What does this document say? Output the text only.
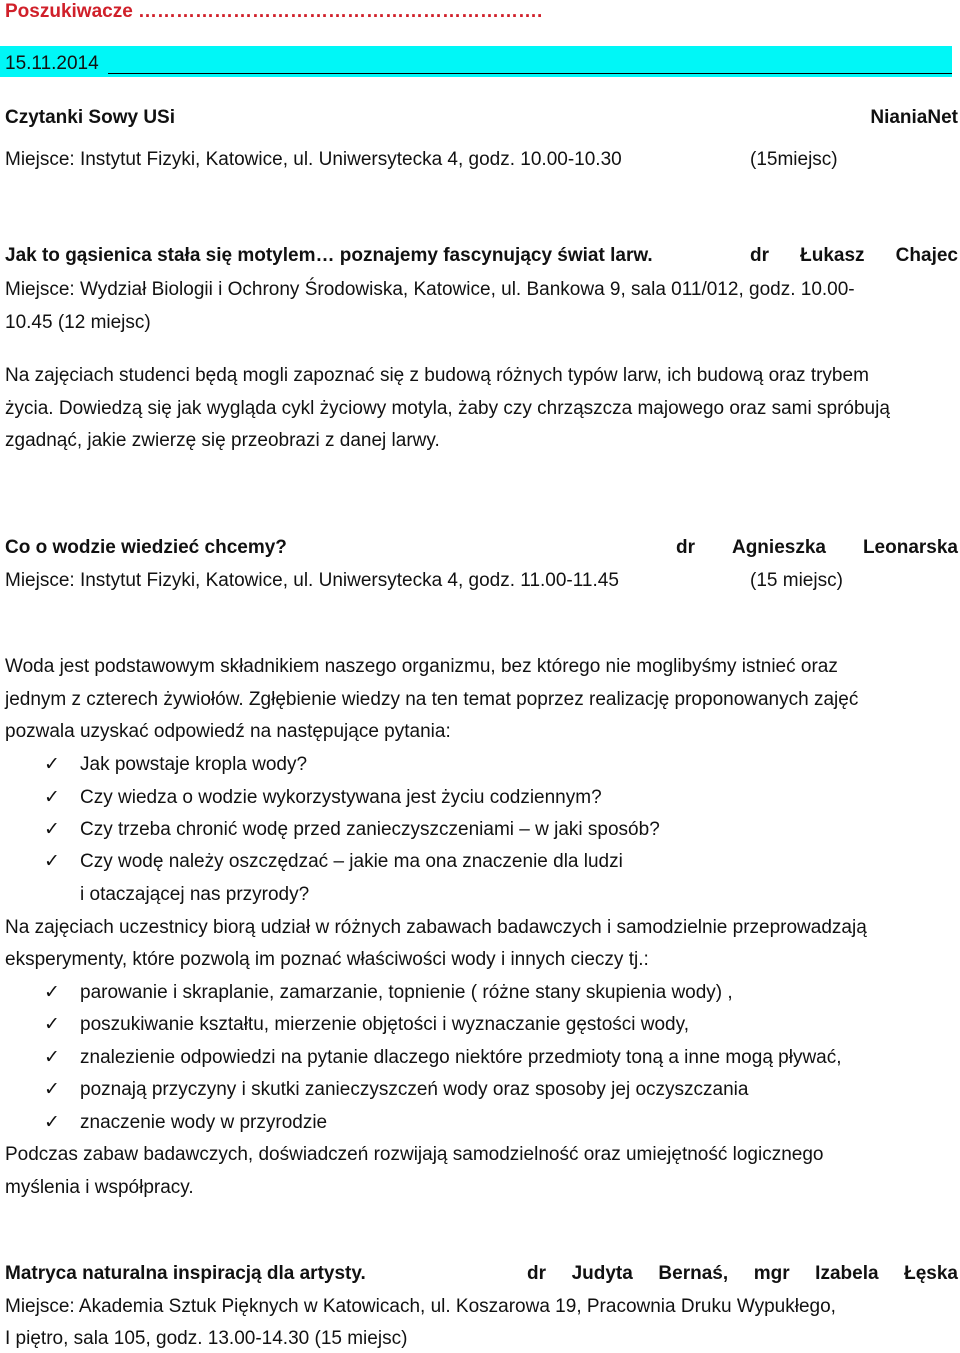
Poszukiwacze ……………………………………………………….
15.11.2014
Czytanki Sowy USi	NianiaNet
Miejsce: Instytut Fizyki, Katowice, ul. Uniwersytecka 4, godz. 10.00-10.30	(15miejsc)
Jak to gąsienica stała się motylem… poznajemy fascynujący świat larw.	dr Łukasz Chajec
Miejsce: Wydział Biologii i Ochrony Środowiska, Katowice, ul. Bankowa 9, sala 011/012, godz. 10.00-
10.45 (12 miejsc)
Na zajęciach studenci będą mogli zapoznać się z budową różnych typów larw, ich budową oraz trybem
życia. Dowiedzą się jak wygląda cykl życiowy motyla, żaby czy chrząszcza majowego oraz sami spróbują
zgadnąć, jakie zwierzę się przeobrazi z danej larwy.
Co o wodzie wiedzieć chcemy?	dr Agnieszka Leonarska
Miejsce: Instytut Fizyki, Katowice, ul. Uniwersytecka 4, godz. 11.00-11.45	(15 miejsc)
Woda jest podstawowym składnikiem naszego organizmu, bez którego nie moglibyśmy istnieć oraz
jednym z czterech żywiołów. Zgłębienie wiedzy na ten temat poprzez realizację proponowanych zajęć
pozwala uzyskać odpowiedź na następujące pytania:
✓ Jak powstaje kropla wody?
✓ Czy wiedza o wodzie wykorzystywana jest życiu codziennym?
✓ Czy trzeba chronić wodę przed zanieczyszczeniami – w jaki sposób?
✓ Czy wodę należy oszczędzać – jakie ma ona znaczenie dla ludzi
i otaczającej nas przyrody?
Na zajęciach uczestnicy biorą udział w różnych zabawach badawczych i samodzielnie przeprowadzają
eksperymenty, które pozwolą im poznać właściwości wody i innych cieczy tj.:
✓ parowanie i skraplanie, zamarzanie, topnienie ( różne stany skupienia wody) ,
✓ poszukiwanie kształtu, mierzenie objętości i wyznaczanie gęstości wody,
✓ znalezienie odpowiedzi na pytanie dlaczego niektóre przedmioty toną a inne mogą pływać,
✓ poznają przyczyny i skutki zanieczyszczeń wody oraz sposoby jej oczyszczania
✓ znaczenie wody w przyrodzie
Podczas zabaw badawczych, doświadczeń rozwijają samodzielność oraz umiejętność logicznego
myślenia i współpracy.
Matryca naturalna inspiracją dla artysty.	dr Judyta Bernaś, mgr Izabela Łęska
Miejsce: Akademia Sztuk Pięknych w Katowicach, ul. Koszarowa 19, Pracownia Druku Wypukłego,
I piętro, sala 105, godz. 13.00-14.30 (15 miejsc)
